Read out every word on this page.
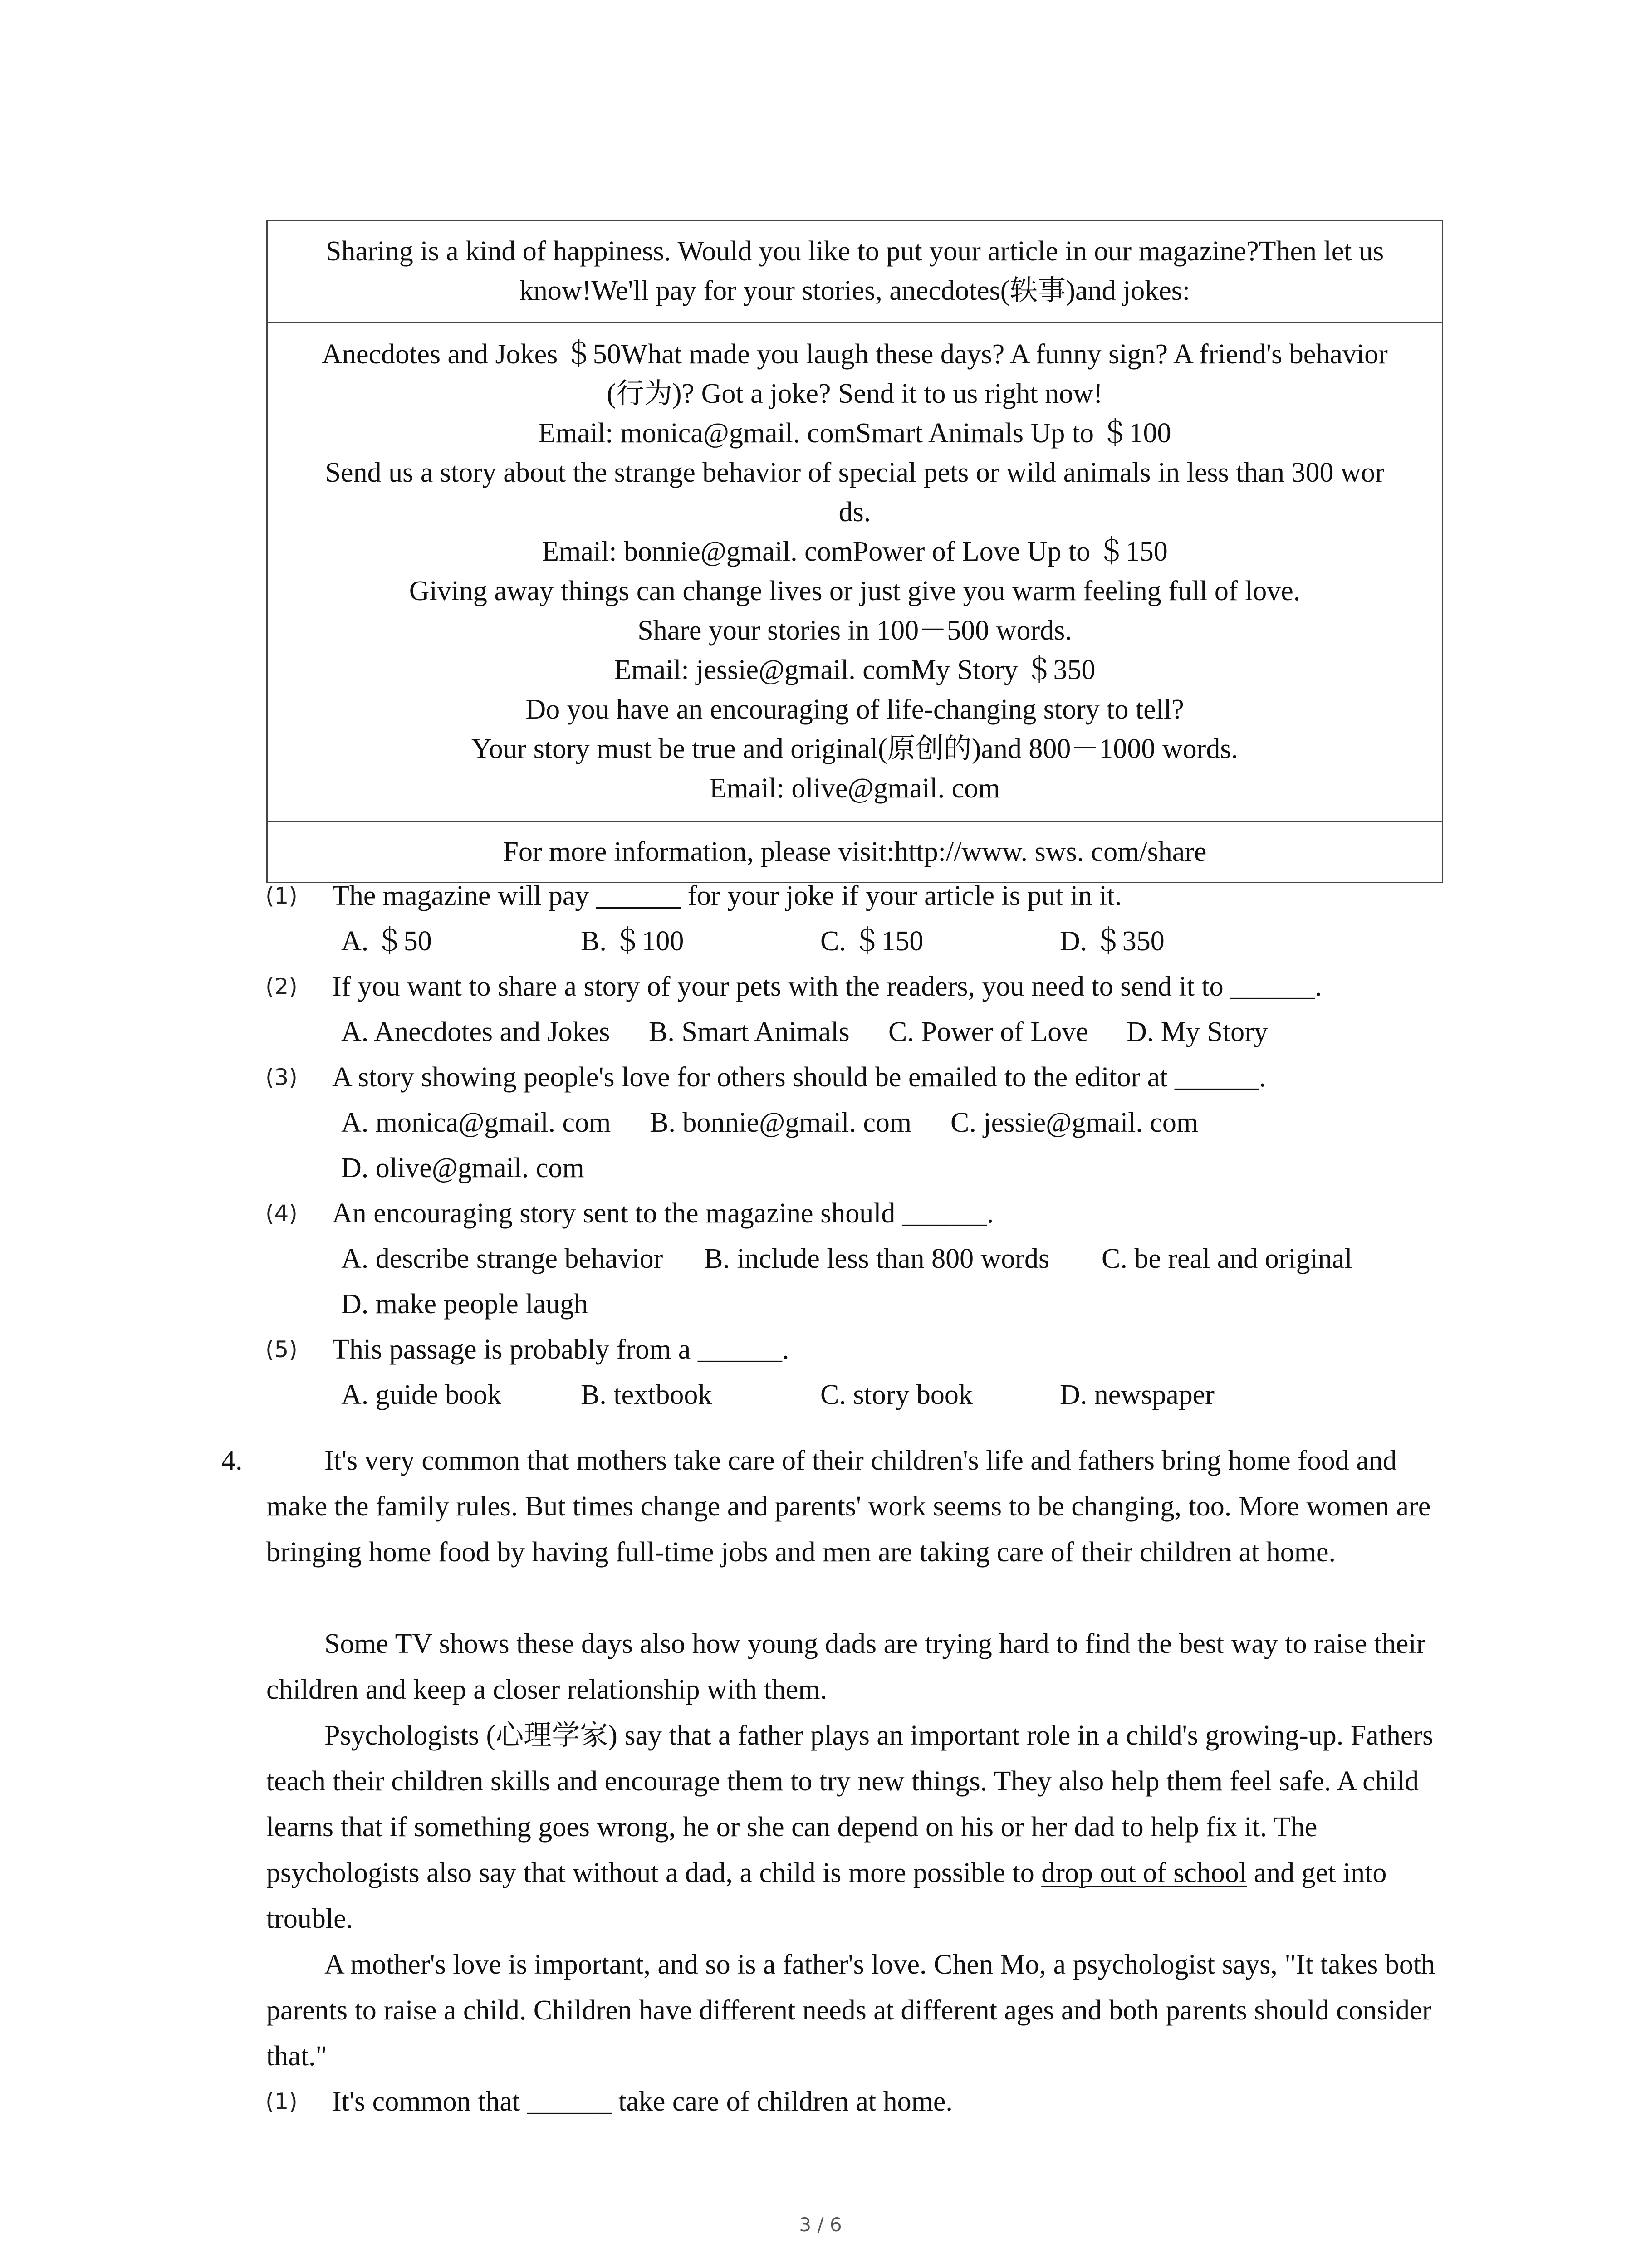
Sharing is a kind of happiness. Would you like to put your article in our magazine?Then let us
know!We'll pay for your stories, anecdotes(轶事)and jokes:
Anecdotes and Jokes ＄50What made you laugh these days? A funny sign? A friend's behavior
(行为)? Got a joke? Send it to us right now!
Email: monica@gmail. comSmart Animals Up to ＄100
Send us a story about the strange behavior of special pets or wild animals in less than 300 wor
ds.
Email: bonnie@gmail. comPower of Love Up to ＄150
Giving away things can change lives or just give you warm feeling full of love.
Share your stories in 100－500 words.
Email: jessie@gmail. comMy Story ＄350
Do you have an encouraging of life-changing story to tell?
Your story must be true and original(原创的)and 800－1000 words.
Email: olive@gmail. com
For more information, please visit:http://www. sws. com/share
(1) The magazine will pay ______ for your joke if your article is put in it.
A. ＄50	B. ＄100	C. ＄150	D. ＄350
(2) If you want to share a story of your pets with the readers, you need to send it to ______.
A. Anecdotes and Jokes B. Smart Animals C. Power of Love D. My Story
(3) A story showing people's love for others should be emailed to the editor at ______.
A. monica@gmail. com B. bonnie@gmail. com C. jessie@gmail. com
D. olive@gmail. com
(4) An encouraging story sent to the magazine should ______.
A. describe strange behavior B. include less than 800 words C. be real and original
D. make people laugh
(5) This passage is probably from a ______.
A. guide book	B. textbook	C. story book	D. newspaper
4.	It's very common that mothers take care of their children's life and fathers bring home food and make the family rules. But times change and parents' work seems to be changing, too. More women are bringing home food by having full-time jobs and men are taking care of their children at home.

Some TV shows these days also how young dads are trying hard to find the best way to raise their children and keep a closer relationship with them.

Psychologists (心理学家) say that a father plays an important role in a child's growing-up. Fathers teach their children skills and encourage them to try new things. They also help them feel safe. A child learns that if something goes wrong, he or she can depend on his or her dad to help fix it. The psychologists also say that without a dad, a child is more possible to drop out of school and get into trouble.

A mother's love is important, and so is a father's love. Chen Mo, a psychologist says, "It takes both parents to raise a child. Children have different needs at different ages and both parents should consider that."

(1) It's common that ______ take care of children at home.
3 / 6
